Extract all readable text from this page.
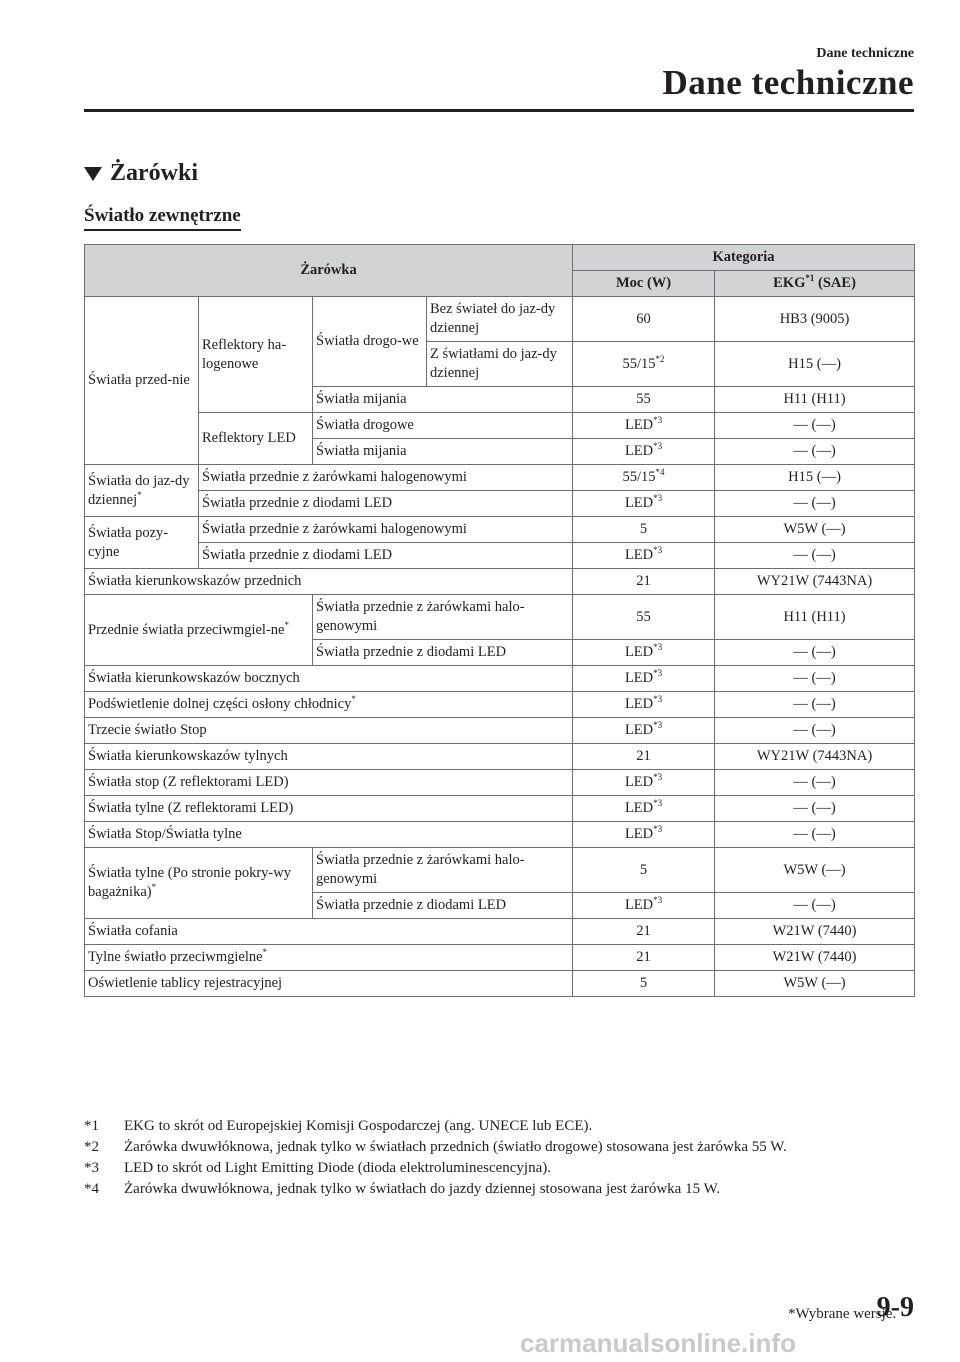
Dane techniczne
Dane techniczne
Żarówki
Światło zewnętrzne
Żarówka				Kategoria	
				Moc (W)	EKG$^{*1}$ (SAE)
Światła przed-nie	Reflektory ha-logenowe	Światła drogo-we	Bez świateł do jaz-dy dziennej	60	HB3 (9005)
			Z światłami do jaz-dy dziennej	55/15$^{*2}$	H15 (—)
		Światła mijania		55	H11 (H11)
	Reflektory LED	Światła drogowe		LED$^{*3}$	— (—)
		Światła mijania		LED$^{*3}$	— (—)
Światła do jaz-dy dziennej*	Światła przednie z żarówkami halogenowymi			55/15$^{*4}$	H15 (—)
	Światła przednie z diodami LED			LED$^{*3}$	— (—)
Światła pozy-cyjne	Światła przednie z żarówkami halogenowymi			5	W5W (—)
	Światła przednie z diodami LED			LED$^{*3}$	— (—)
Światła kierunkowskazów przednich				21	WY21W (7443NA)
Przednie światła przeciwmgiel-ne*		Światła przednie z żarówkami halo-genowymi		55	H11 (H11)
		Światła przednie z diodami LED		LED$^{*3}$	— (—)
Światła kierunkowskazów bocznych				LED$^{*3}$	— (—)
Podświetlenie dolnej części osłony chłodnicy*				LED$^{*3}$	— (—)
Trzecie światło Stop				LED$^{*3}$	— (—)
Światła kierunkowskazów tylnych				21	WY21W (7443NA)
Światła stop (Z reflektorami LED)				LED$^{*3}$	— (—)
Światła tylne (Z reflektorami LED)				LED$^{*3}$	— (—)
Światła Stop/Światła tylne				LED$^{*3}$	— (—)
Światła tylne (Po stronie pokry-wy bagażnika)*		Światła przednie z żarówkami halo-genowymi		5	W5W (—)
		Światła przednie z diodami LED		LED$^{*3}$	— (—)
Światła cofania				21	W21W (7440)
Tylne światło przeciwmgielne*				21	W21W (7440)
Oświetlenie tablicy rejestracyjnej				5	W5W (—)
*1	EKG to skrót od Europejskiej Komisji Gospodarczej (ang. UNECE lub ECE).
*2	Żarówka dwuwłóknowa, jednak tylko w światłach przednich (światło drogowe) stosowana jest żarówka 55 W.
*3	LED to skrót od Light Emitting Diode (dioda elektroluminescencyjna).
*4	Żarówka dwuwłóknowa, jednak tylko w światłach do jazdy dziennej stosowana jest żarówka 15 W.
*Wybrane wersje.
9-9
carmanualsonline.info
